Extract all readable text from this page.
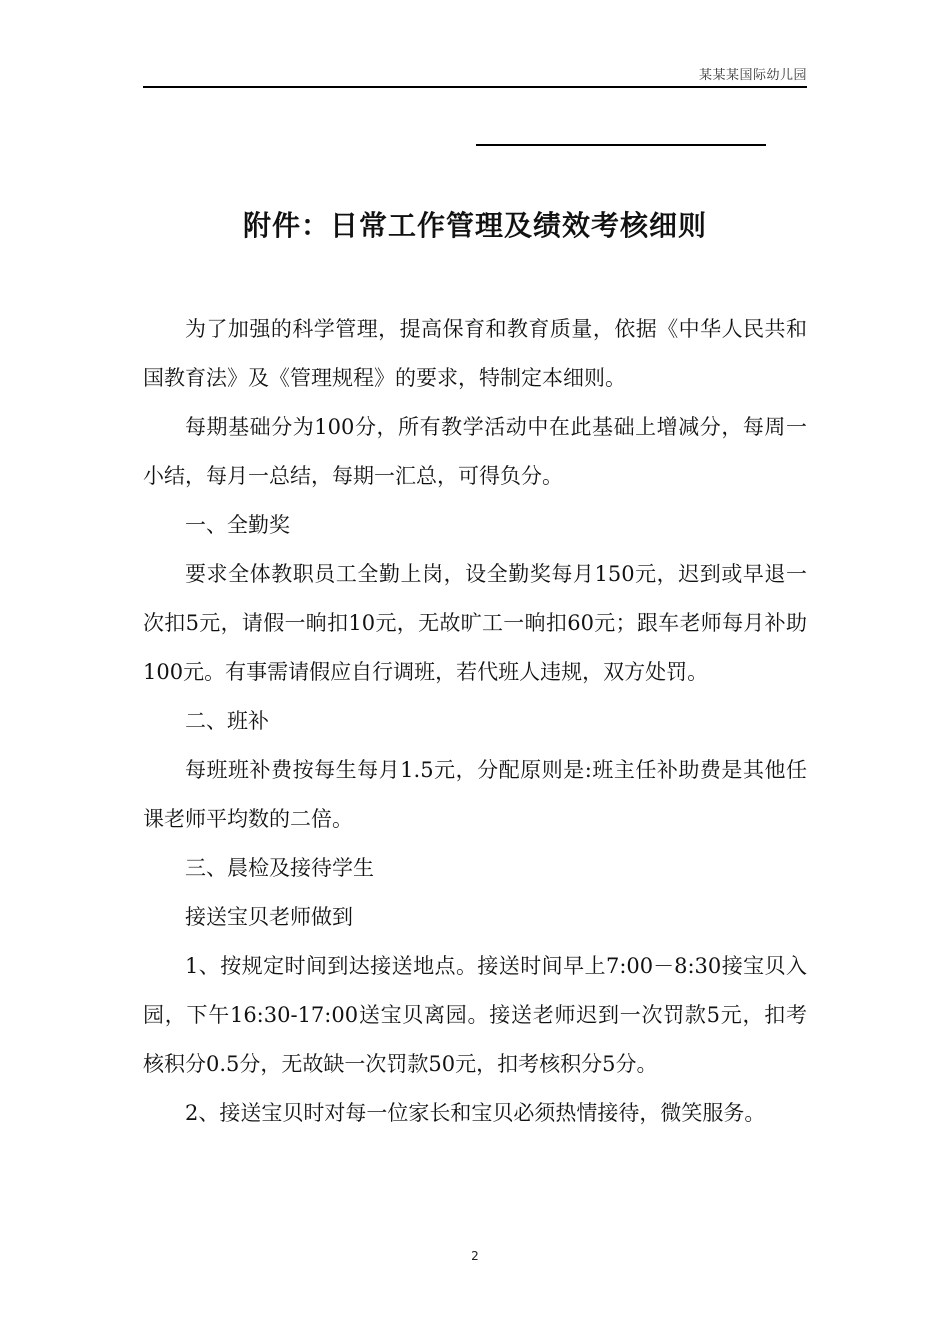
某某某国际幼儿园
附件：日常工作管理及绩效考核细则

为了加强的科学管理，提高保育和教育质量，依据《中华人民共和国教育法》及《管理规程》的要求，特制定本细则。

每期基础分为100分，所有教学活动中在此基础上增减分，每周一小结，每月一总结，每期一汇总，可得负分。

一、全勤奖

要求全体教职员工全勤上岗，设全勤奖每月150元，迟到或早退一次扣5元，请假一晌扣10元，无故旷工一晌扣60元；跟车老师每月补助100元。有事需请假应自行调班，若代班人违规，双方处罚。

二、班补

每班班补费按每生每月1.5元，分配原则是:班主任补助费是其他任课老师平均数的二倍。

三、晨检及接待学生

接送宝贝老师做到

1、按规定时间到达接送地点。接送时间早上7:00－8:30接宝贝入园，下午16:30-17:00送宝贝离园。接送老师迟到一次罚款5元，扣考核积分0.5分，无故缺一次罚款50元，扣考核积分5分。

2、接送宝贝时对每一位家长和宝贝必须热情接待，微笑服务。

2
